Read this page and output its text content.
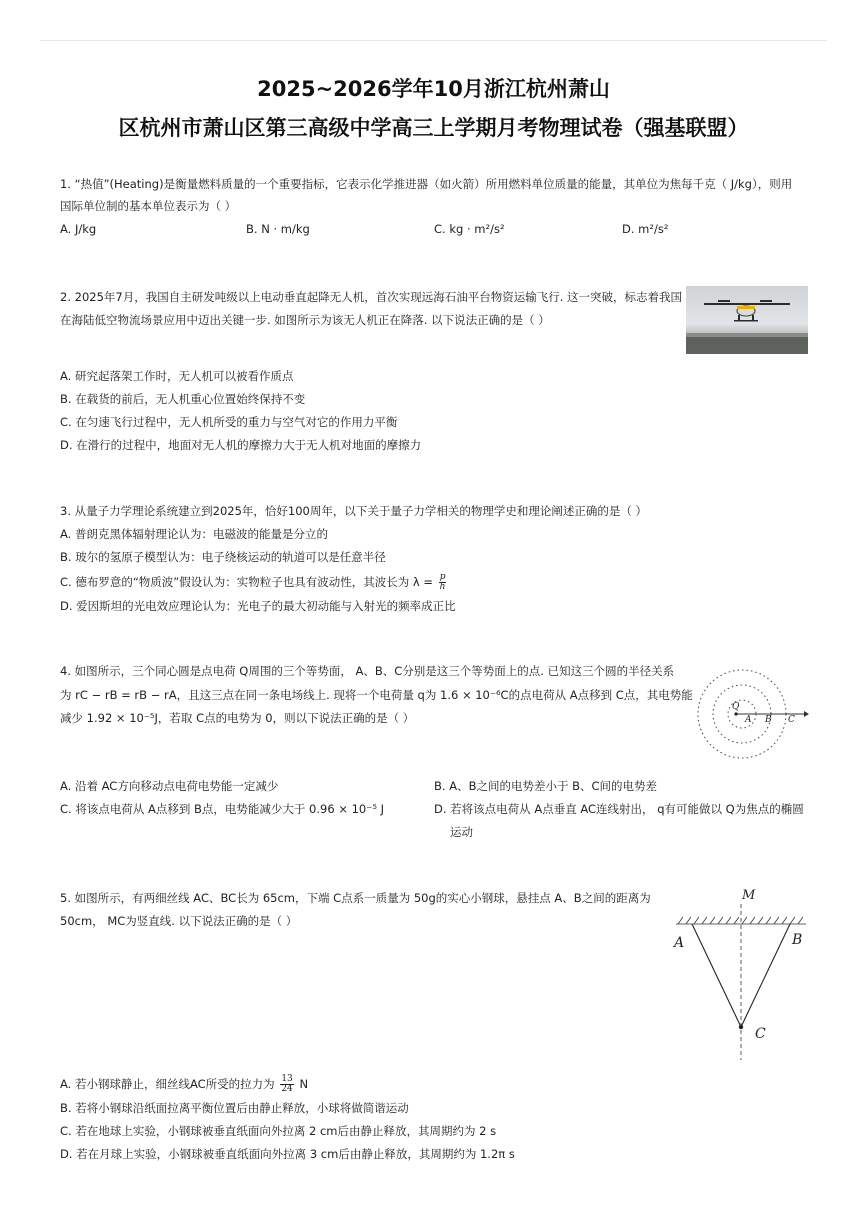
2025~2026学年10月浙江杭州萧山
区杭州市萧山区第三高级中学高三上学期月考物理试卷（强基联盟）
1. “热值”(Heating)是衡量燃料质量的一个重要指标，它表示化学推进器（如火箭）所用燃料单位质量的能量，其单位为焦每千克（ J/kg），则用
国际单位制的基本单位表示为（ ）
A. J/kg	B. N · m/kg	C. kg · m²/s²	D. m²/s²
2. 2025年7月，我国自主研发吨级以上电动垂直起降无人机，首次实现远海石油平台物资运输飞行. 这一突破，标志着我国
在海陆低空物流场景应用中迈出关键一步. 如图所示为该无人机正在降落. 以下说法正确的是（ ）
A. 研究起落架工作时，无人机可以被看作质点
B. 在载货的前后，无人机重心位置始终保持不变
C. 在匀速飞行过程中，无人机所受的重力与空气对它的作用力平衡
D. 在滑行的过程中，地面对无人机的摩擦力大于无人机对地面的摩擦力
3. 从量子力学理论系统建立到2025年，恰好100周年，以下关于量子力学相关的物理学史和理论阐述正确的是（ ）
A. 普朗克黑体辐射理论认为：电磁波的能量是分立的
B. 玻尔的氢原子模型认为：电子绕核运动的轨道可以是任意半径
C. 德布罗意的“物质波”假设认为：实物粒子也具有波动性，其波长为 $\lambda = \frac{p}{h}$
D. 爱因斯坦的光电效应理论认为：光电子的最大初动能与入射光的频率成正比
4. 如图所示，三个同心圆是点电荷 Q周围的三个等势面， A、B、C分别是这三个等势面上的点. 已知这三个圆的半径关系
为 rC − rB = rB − rA，且这三点在同一条电场线上. 现将一个电荷量 q为 1.6 × 10⁻⁶C的点电荷从 A点移到 C点，其电势能
减少 1.92 × 10⁻⁵J，若取 C点的电势为 0，则以下说法正确的是（ ）
Q
A B C
A. 沿着 AC方向移动点电荷电势能一定减少	B. A、B之间的电势差小于 B、C间的电势差
C. 将该点电荷从 A点移到 B点，电势能减少大于 0.96 × 10⁻⁵ J	D. 若将该点电荷从 A点垂直 AC连线射出， q有可能做以 Q为焦点的椭圆
运动
5. 如图所示，有两细丝线 AC、BC长为 65cm，下端 C点系一质量为 50g的实心小钢球，悬挂点 A、B之间的距离为
50cm， MC为竖直线. 以下说法正确的是（ ）
M
A	B
C
A. 若小钢球静止，细丝线AC所受的拉力为 $\frac{13}{24}$ N
B. 若将小钢球沿纸面拉离平衡位置后由静止释放，小球将做简谐运动
C. 若在地球上实验，小钢球被垂直纸面向外拉离 2 cm后由静止释放，其周期约为 2 s
D. 若在月球上实验，小钢球被垂直纸面向外拉离 3 cm后由静止释放，其周期约为 1.2π s
